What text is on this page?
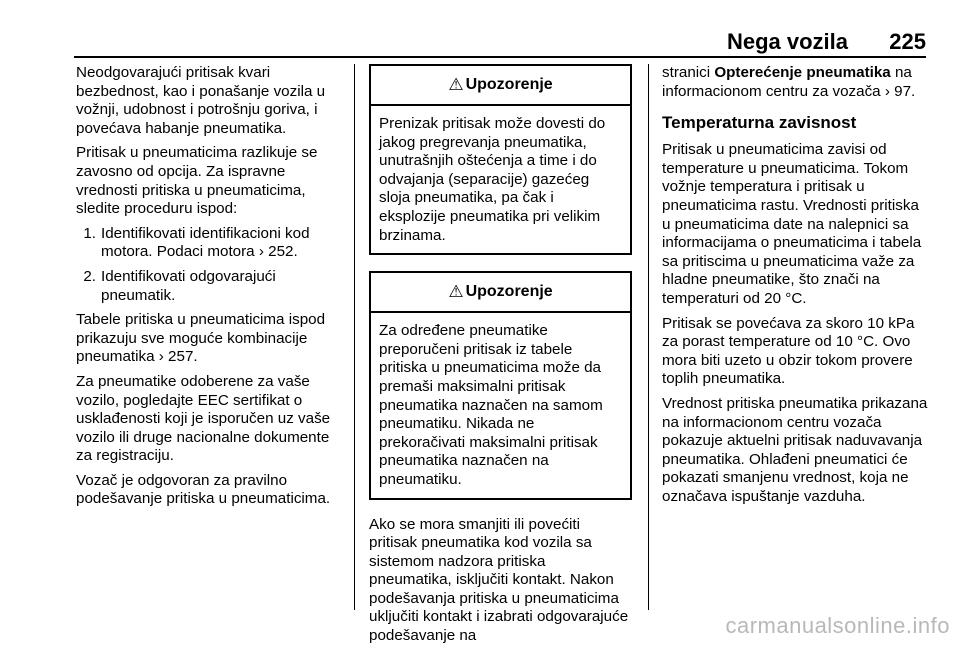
Nega vozila 225

Neodgovarajući pritisak kvari bezbednost, kao i ponašanje vozila u vožnji, udobnost i potrošnju goriva, i povećava habanje pneumatika.

Pritisak u pneumaticima razlikuje se zavosno od opcija. Za ispravne vrednosti pritiska u pneumaticima, sledite proceduru ispod:

1. Identifikovati identifikacioni kod motora. Podaci motora › 252.
2. Identifikovati odgovarajući pneumatik.

Tabele pritiska u pneumaticima ispod prikazuju sve moguće kombinacije pneumatika › 257.

Za pneumatike odoberene za vaše vozilo, pogledajte EEC sertifikat o usklađenosti koji je isporučen uz vaše vozilo ili druge nacionalne dokumente za registraciju.

Vozač je odgovoran za pravilno podešavanje pritiska u pneumaticima.

⚠ Upozorenje
Prenizak pritisak može dovesti do jakog pregrevanja pneumatika, unutrašnjih oštećenja a time i do odvajanja (separacije) gazećeg sloja pneumatika, pa čak i eksplozije pneumatika pri velikim brzinama.
⚠ Upozorenje
Za određene pneumatike preporučeni pritisak iz tabele pritiska u pneumaticima može da premaši maksimalni pritisak pneumatika naznačen na samom pneumatiku. Nikada ne prekoračivati maksimalni pritisak pneumatika naznačen na pneumatiku.

Ako se mora smanjiti ili povećiti pritisak pneumatika kod vozila sa sistemom nadzora pritiska pneumatika, isključiti kontakt. Nakon podešavanja pritiska u pneumaticima uključiti kontakt i izabrati odgovarajuće podešavanje na

stranici Opterećenje pneumatika na informacionom centru za vozača › 97.

Temperaturna zavisnost

Pritisak u pneumaticima zavisi od temperature u pneumaticima. Tokom vožnje temperatura i pritisak u pneumaticima rastu. Vrednosti pritiska u pneumaticima date na nalepnici sa informacijama o pneumaticima i tabela sa pritiscima u pneumaticima važe za hladne pneumatike, što znači na temperaturi od 20 °C.

Pritisak se povećava za skoro 10 kPa za porast temperature od 10 °C. Ovo mora biti uzeto u obzir tokom provere toplih pneumatika.

Vrednost pritiska pneumatika prikazana na informacionom centru vozača pokazuje aktuelni pritisak naduvavanja pneumatika. Ohlađeni pneumatici će pokazati smanjenu vrednost, koja ne označava ispuštanje vazduha.

carmanualsonline.info
